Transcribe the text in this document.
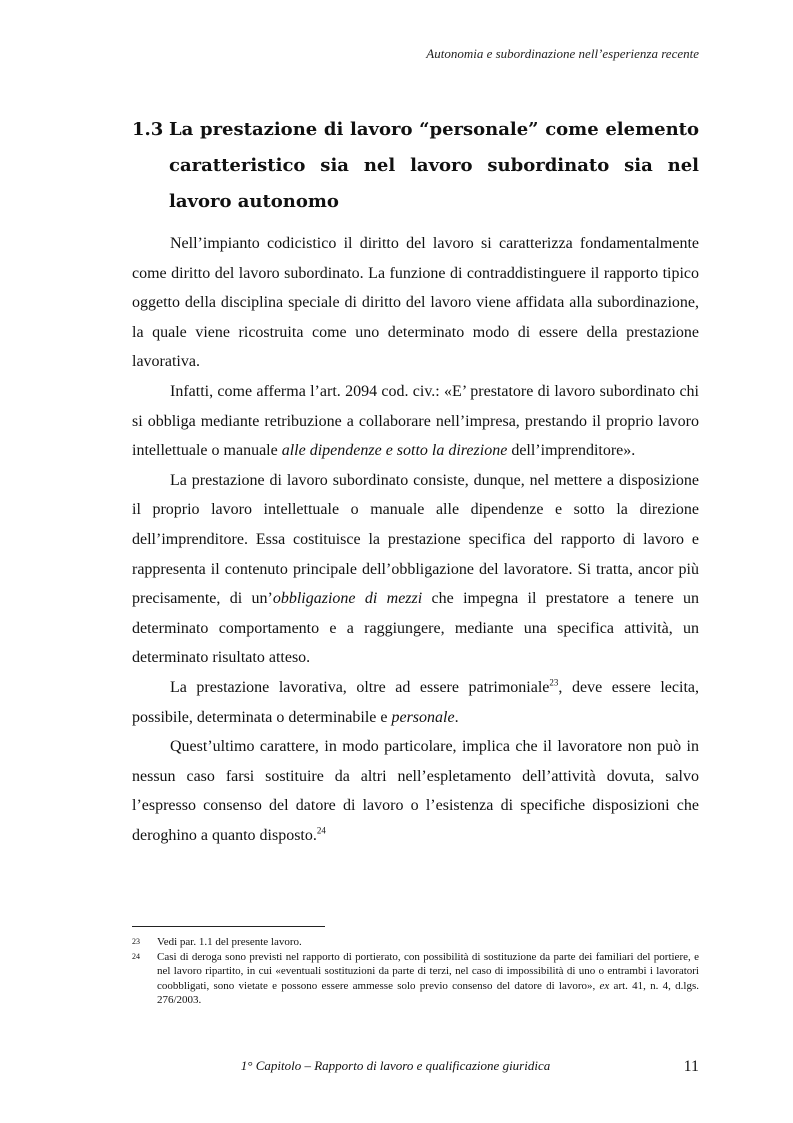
Autonomia e subordinazione nell’esperienza recente
1.3 La prestazione di lavoro “personale” come elemento caratteristico sia nel lavoro subordinato sia nel lavoro autonomo

Nell’impianto codicistico il diritto del lavoro si caratterizza fondamentalmente come diritto del lavoro subordinato. La funzione di contraddistinguere il rapporto tipico oggetto della disciplina speciale di diritto del lavoro viene affidata alla subordinazione, la quale viene ricostruita come uno determinato modo di essere della prestazione lavorativa.

Infatti, come afferma l’art. 2094 cod. civ.: «E’ prestatore di lavoro subordinato chi si obbliga mediante retribuzione a collaborare nell’impresa, prestando il proprio lavoro intellettuale o manuale alle dipendenze e sotto la direzione dell’imprenditore».

La prestazione di lavoro subordinato consiste, dunque, nel mettere a disposizione il proprio lavoro intellettuale o manuale alle dipendenze e sotto la direzione dell’imprenditore. Essa costituisce la prestazione specifica del rapporto di lavoro e rappresenta il contenuto principale dell’obbligazione del lavoratore. Si tratta, ancor più precisamente, di un’obbligazione di mezzi che impegna il prestatore a tenere un determinato comportamento e a raggiungere, mediante una specifica attività, un determinato risultato atteso.

La prestazione lavorativa, oltre ad essere patrimoniale$^{23}$, deve essere lecita, possibile, determinata o determinabile e personale.

Quest’ultimo carattere, in modo particolare, implica che il lavoratore non può in nessun caso farsi sostituire da altri nell’espletamento dell’attività dovuta, salvo l’espresso consenso del datore di lavoro o l’esistenza di specifiche disposizioni che deroghino a quanto disposto.$^{24}$

23 Vedi par. 1.1 del presente lavoro.
24 Casi di deroga sono previsti nel rapporto di portierato, con possibilità di sostituzione da parte dei familiari del portiere, e nel lavoro ripartito, in cui «eventuali sostituzioni da parte di terzi, nel caso di impossibilità di uno o entrambi i lavoratori coobbligati, sono vietate e possono essere ammesse solo previo consenso del datore di lavoro», ex art. 41, n. 4, d.lgs. 276/2003.
1° Capitolo – Rapporto di lavoro e qualificazione giuridica	11
